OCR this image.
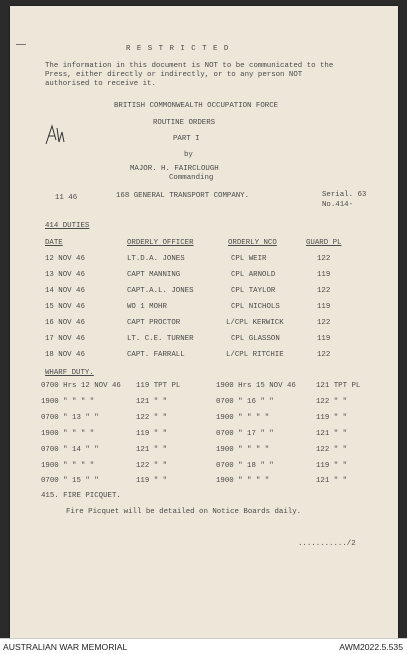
R E S T R I C T E D
The information in this document is NOT to be communicated to the
Press, either directly or indirectly, or to any person NOT
authorised to receive it.
BRITISH COMMONWEALTH OCCUPATION FORCE
ROUTINE ORDERS
PART I
by
MAJOR. H. FAIRCLOUGH
Commanding
11 46	168 GENERAL TRANSPORT COMPANY.	Serial. 63
No.414-
414 DUTIES
DATE	ORDERLY OFFICER	ORDERLY NCO	GUARD PL
12 NOV 46	LT.D.A. JONES	CPL WEIR	122
13 NOV 46	CAPT MANNING	CPL ARNOLD	119
14 NOV 46	CAPT.A.L. JONES	CPL TAYLOR	122
15 NOV 46	WO 1 MOHR	CPL NICHOLS	119
16 NOV 46	CAPT PROCTOR	L/CPL KERWICK	122
17 NOV 46	LT. C.E. TURNER	CPL GLASSON	119
18 NOV 46	CAPT. FARRALL	L/CPL RITCHIE	122
WHARF DUTY.
0700 Hrs 12 NOV 46 119 TPT PL	1900 Hrs 15 NOV 46	121 TPT PL
1900 " " " "	121 " "	0700 " 16 " "	122 " "
0700 " 13 " "	122 " "	1900 " " " "	119 " "
1900 " " " "	119 " "	0700 " 17 " "	121 " "
0700 " 14 " "	121 " "	1900 " " " "	122 " "
1900 " " " "	122 " "	0700 " 18 " "	119 " "
0700 " 15 " "	119 " "	1900 " " " "	121 " "
415. FIRE PICQUET.
Fire Picquet will be detailed on Notice Boards daily.
.........../2
AUSTRALIAN WAR MEMORIAL	AWM2022.5.535
